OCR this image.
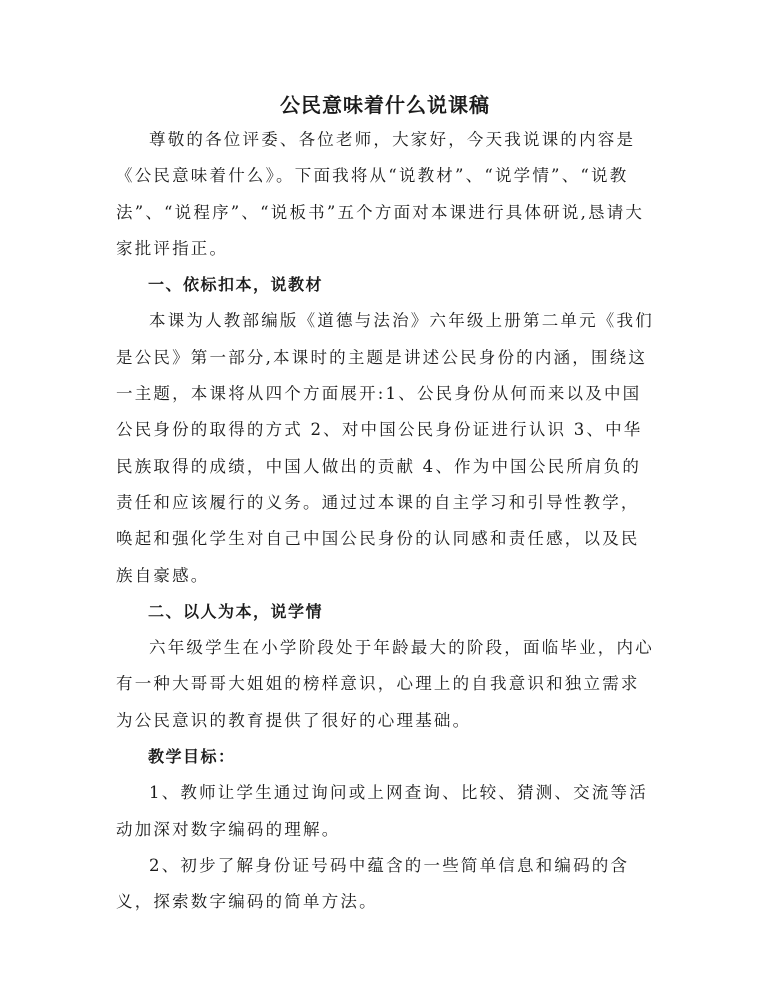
公民意味着什么说课稿

尊敬的各位评委、各位老师，大家好，今天我说课的内容是《公民意味着什么》。下面我将从“说教材”、“说学情”、“说教法”、“说程序”、“说板书”五个方面对本课进行具体研说,恳请大家批评指正。

一、依标扣本，说教材

本课为人教部编版《道德与法治》六年级上册第二单元《我们是公民》第一部分,本课时的主题是讲述公民身份的内涵，围绕这一主题，本课将从四个方面展开:1、公民身份从何而来以及中国公民身份的取得的方式 2、对中国公民身份证进行认识 3、中华民族取得的成绩，中国人做出的贡献 4、作为中国公民所肩负的责任和应该履行的义务。通过过本课的自主学习和引导性教学，唤起和强化学生对自己中国公民身份的认同感和责任感，以及民族自豪感。

二、以人为本，说学情

六年级学生在小学阶段处于年龄最大的阶段，面临毕业，内心有一种大哥哥大姐姐的榜样意识，心理上的自我意识和独立需求为公民意识的教育提供了很好的心理基础。

教学目标：

1、教师让学生通过询问或上网查询、比较、猜测、交流等活动加深对数字编码的理解。

2、初步了解身份证号码中蕴含的一些简单信息和编码的含义，探索数字编码的简单方法。
